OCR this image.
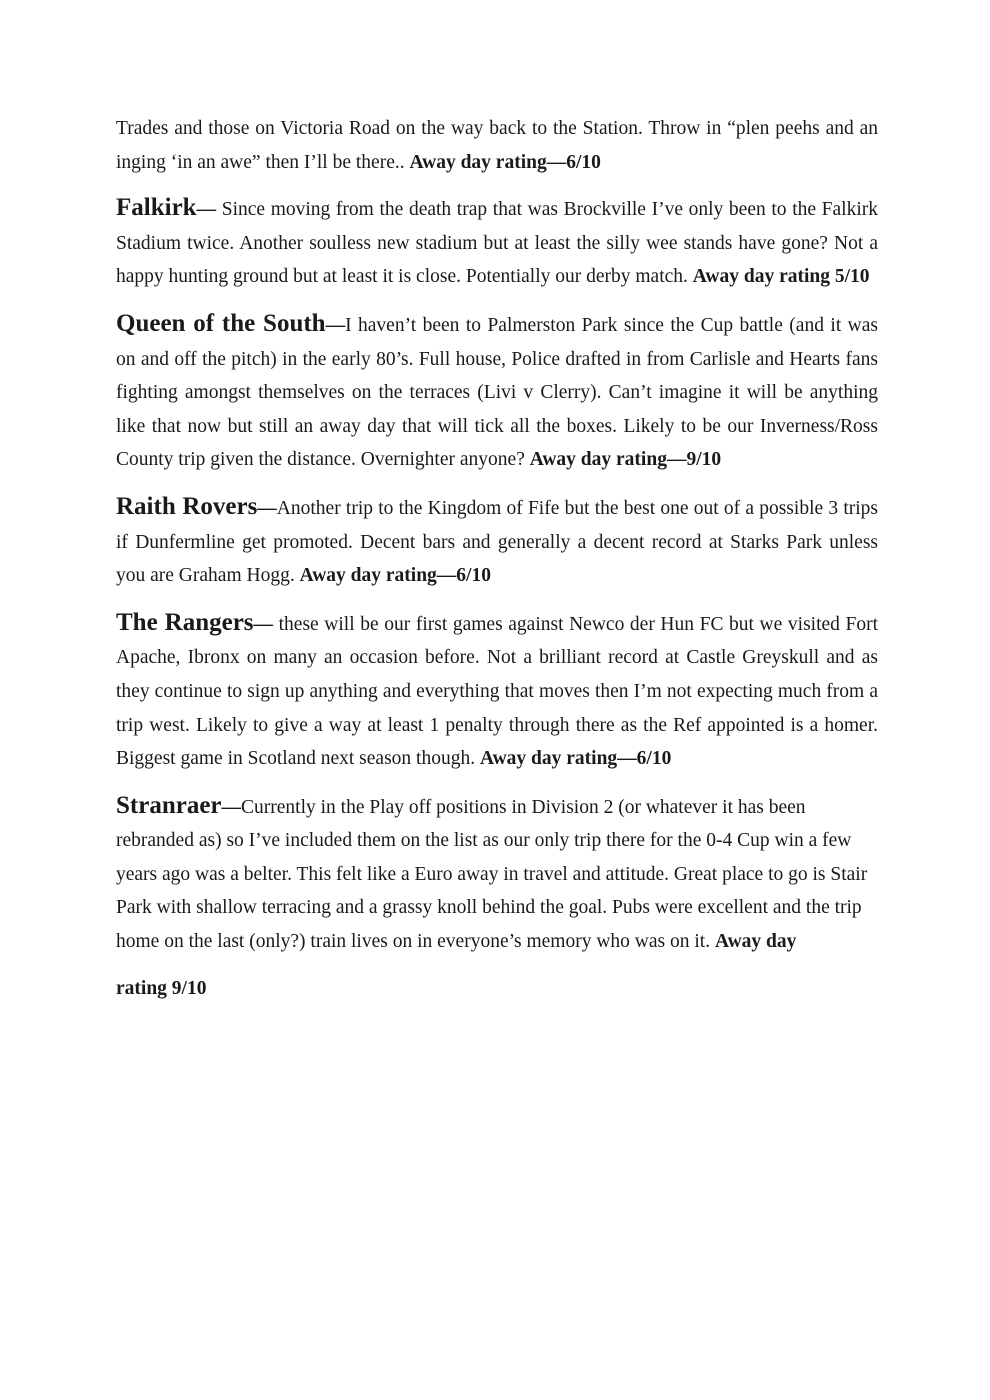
Trades and those on Victoria Road on the way back to the Station. Throw in “plen peehs and an inging ‘in an awe” then I’ll be there.. Away day rating—6/10

Falkirk— Since moving from the death trap that was Brockville I’ve only been to the Falkirk Stadium twice. Another soulless new stadium but at least the silly wee stands have gone? Not a happy hunting ground but at least it is close. Potentially our derby match. Away day rating 5/10

Queen of the South—I haven’t been to Palmerston Park since the Cup battle (and it was on and off the pitch) in the early 80’s. Full house, Police drafted in from Carlisle and Hearts fans fighting amongst themselves on the terraces (Livi v Clerry). Can’t imagine it will be anything like that now but still an away day that will tick all the boxes. Likely to be our Inverness/Ross County trip given the distance. Overnighter anyone? Away day rating—9/10

Raith Rovers—Another trip to the Kingdom of Fife but the best one out of a possible 3 trips if Dunfermline get promoted. Decent bars and generally a decent record at Starks Park unless you are Graham Hogg. Away day rating—6/10

The Rangers— these will be our first games against Newco der Hun FC but we visited Fort Apache, Ibronx on many an occasion before. Not a brilliant record at Castle Greyskull and as they continue to sign up anything and everything that moves then I’m not expecting much from a trip west. Likely to give a way at least 1 penalty through there as the Ref appointed is a homer. Biggest game in Scotland next season though. Away day rating—6/10

Stranraer—Currently in the Play off positions in Division 2 (or whatever it has been rebranded as) so I’ve included them on the list as our only trip there for the 0-4 Cup win a few years ago was a belter. This felt like a Euro away in travel and attitude. Great place to go is Stair Park with shallow terracing and a grassy knoll behind the goal. Pubs were excellent and the trip home on the last (only?) train lives on in everyone’s memory who was on it. Away day

rating 9/10
